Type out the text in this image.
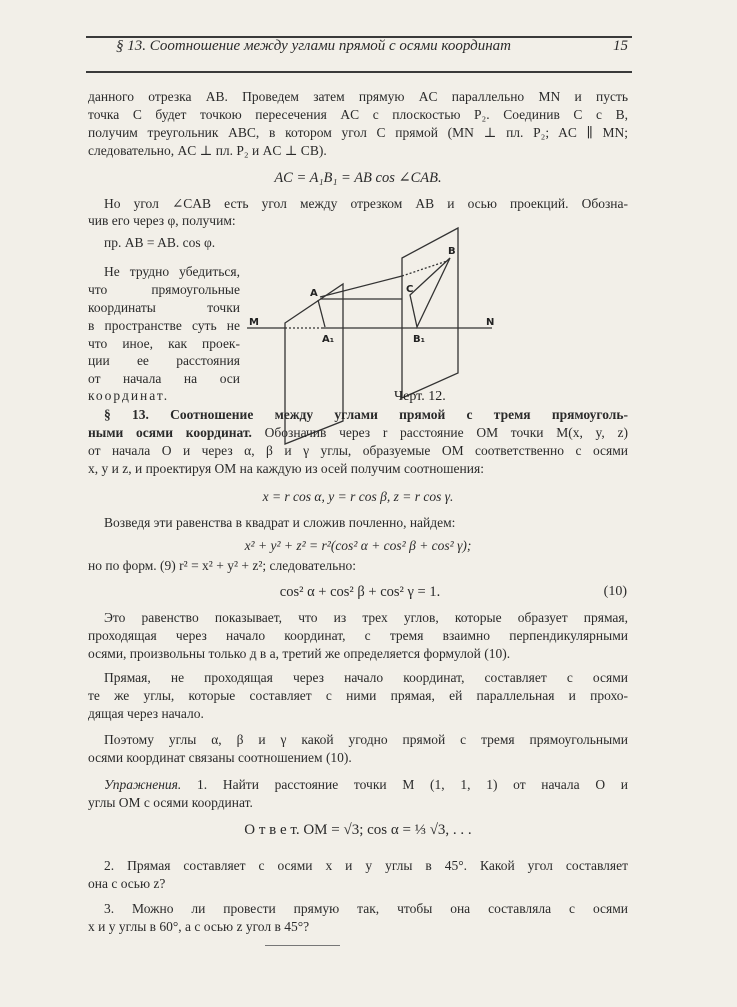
§ 13. Соотношение между углами прямой с осями координат	15
данного отрезка AB. Проведем затем прямую AC параллельно MN и пусть
точка C будет точкою пересечения AC с плоскостью P₂. Соединив C с B,
получим треугольник ABC, в котором угол C прямой (MN ⊥ пл. P₂; AC ∥ MN;
следовательно, AC ⊥ пл. P₂ и AC ⊥ CB).
AC = A₁B₁ = AB cos ∠CAB.
Но угол ∠CAB есть угол между отрезком AB и осью проекций. Обозна-
чив его через φ, получим:
пр. AB = AB. cos φ.
Не трудно убедиться,
что прямоугольные
координаты точки
в пространстве суть не
что иное, как проек-
ции ее расстояния
от начала на оси
координат.
A
A₁
B
B₁
C
M	N
Черт. 12.
§ 13. Соотношение между углами прямой с тремя прямоуголь-
ными осями координат. Обозначив через r расстояние OM точки M(x, y, z)
от начала O и через α, β и γ углы, образуемые OM соответственно с осями
x, y и z, и проектируя OM на каждую из осей получим соотношения:
x = r cos α, y = r cos β, z = r cos γ.
Возведя эти равенства в квадрат и сложив почленно, найдем:
x² + y² + z² = r²(cos² α + cos² β + cos² γ);
но по форм. (9) r² = x² + y² + z²; следовательно:
cos² α + cos² β + cos² γ = 1.	(10)
Это равенство показывает, что из трех углов, которые образует прямая,
проходящая через начало координат, с тремя взаимно перпендикулярными
осями, произвольны только д в а, третий же определяется формулой (10).
Прямая, не проходящая через начало координат, составляет с осями
те же углы, которые составляет с ними прямая, ей параллельная и прохо-
дящая через начало.
Поэтому углы α, β и γ какой угодно прямой с тремя прямоугольными
осями координат связаны соотношением (10).
Упражнения. 1. Найти расстояние точки M (1, 1, 1) от начала O и
углы OM с осями координат.
О т в е т. OM = √3; cos α = ⅓ √3, . . .
2. Прямая составляет с осями x и y углы в 45°. Какой угол составляет
она с осью z?
3. Можно ли провести прямую так, чтобы она составляла с осями
x и y углы в 60°, а с осью z угол в 45°?
